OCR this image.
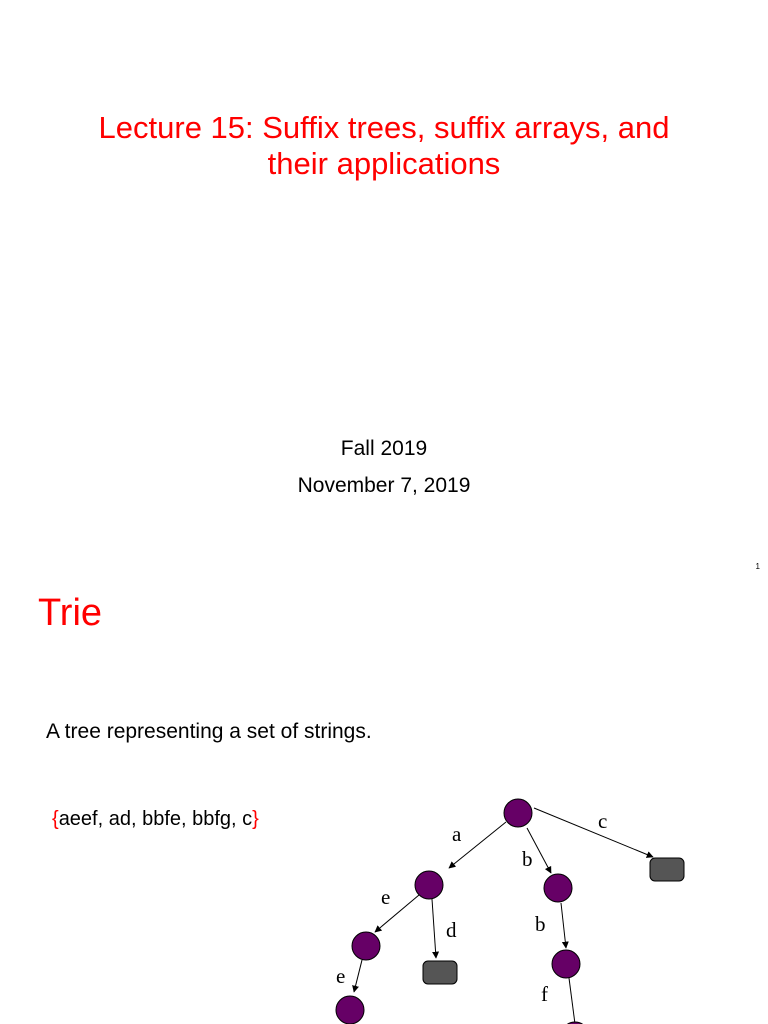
Lecture 15: Suffix trees, suffix arrays, and
their applications
Fall 2019
November 7, 2019
1
Trie
A tree representing a set of strings.
{aeef, ad, bbfe, bbfg, c}
a
c
b
e
d	b
e
f
